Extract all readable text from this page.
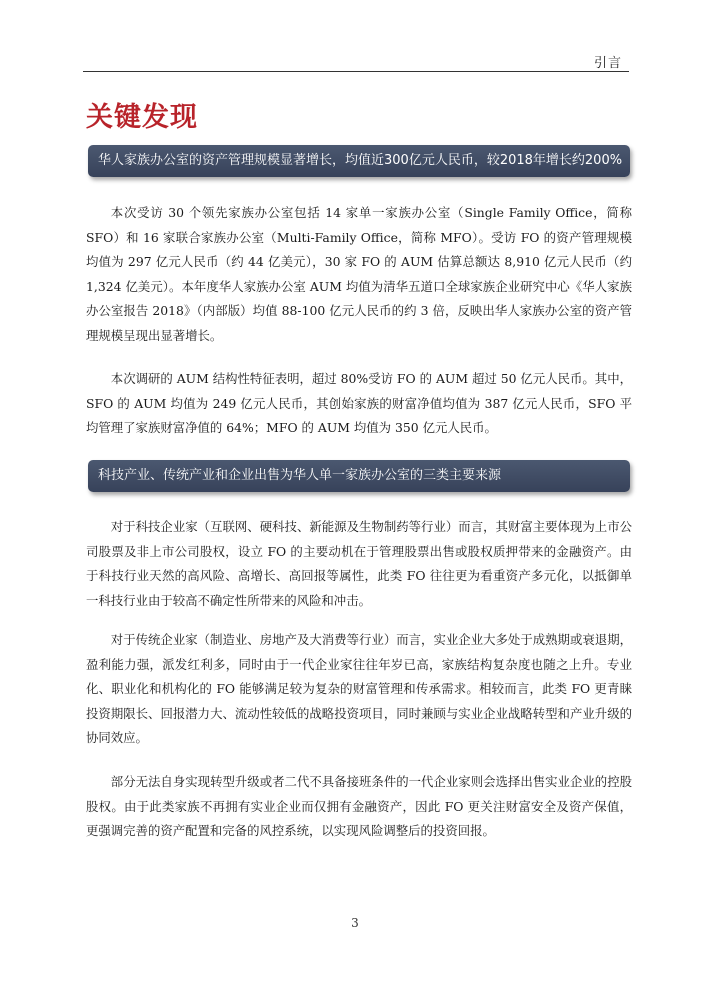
引言
关键发现
华人家族办公室的资产管理规模显著增长，均值近300亿元人民币，较2018年增长约200%

本次受访 30 个领先家族办公室包括 14 家单一家族办公室（Single Family Office，简称 SFO）和 16 家联合家族办公室（Multi-Family Office，简称 MFO）。受访 FO 的资产管理规模均值为 297 亿元人民币（约 44 亿美元），30 家 FO 的 AUM 估算总额达 8,910 亿元人民币（约 1,324 亿美元）。本年度华人家族办公室 AUM 均值为清华五道口全球家族企业研究中心《华人家族办公室报告 2018》（内部版）均值 88-100 亿元人民币的约 3 倍，反映出华人家族办公室的资产管理规模呈现出显著增长。

本次调研的 AUM 结构性特征表明，超过 80%受访 FO 的 AUM 超过 50 亿元人民币。其中，SFO 的 AUM 均值为 249 亿元人民币，其创始家族的财富净值均值为 387 亿元人民币，SFO 平均管理了家族财富净值的 64%；MFO 的 AUM 均值为 350 亿元人民币。

科技产业、传统产业和企业出售为华人单一家族办公室的三类主要来源

对于科技企业家（互联网、硬科技、新能源及生物制药等行业）而言，其财富主要体现为上市公司股票及非上市公司股权，设立 FO 的主要动机在于管理股票出售或股权质押带来的金融资产。由于科技行业天然的高风险、高增长、高回报等属性，此类 FO 往往更为看重资产多元化，以抵御单一科技行业由于较高不确定性所带来的风险和冲击。

对于传统企业家（制造业、房地产及大消费等行业）而言，实业企业大多处于成熟期或衰退期，盈利能力强，派发红利多，同时由于一代企业家往往年岁已高，家族结构复杂度也随之上升。专业化、职业化和机构化的 FO 能够满足较为复杂的财富管理和传承需求。相较而言，此类 FO 更青睐投资期限长、回报潜力大、流动性较低的战略投资项目，同时兼顾与实业企业战略转型和产业升级的协同效应。

部分无法自身实现转型升级或者二代不具备接班条件的一代企业家则会选择出售实业企业的控股股权。由于此类家族不再拥有实业企业而仅拥有金融资产，因此 FO 更关注财富安全及资产保值，更强调完善的资产配置和完备的风控系统，以实现风险调整后的投资回报。

3
